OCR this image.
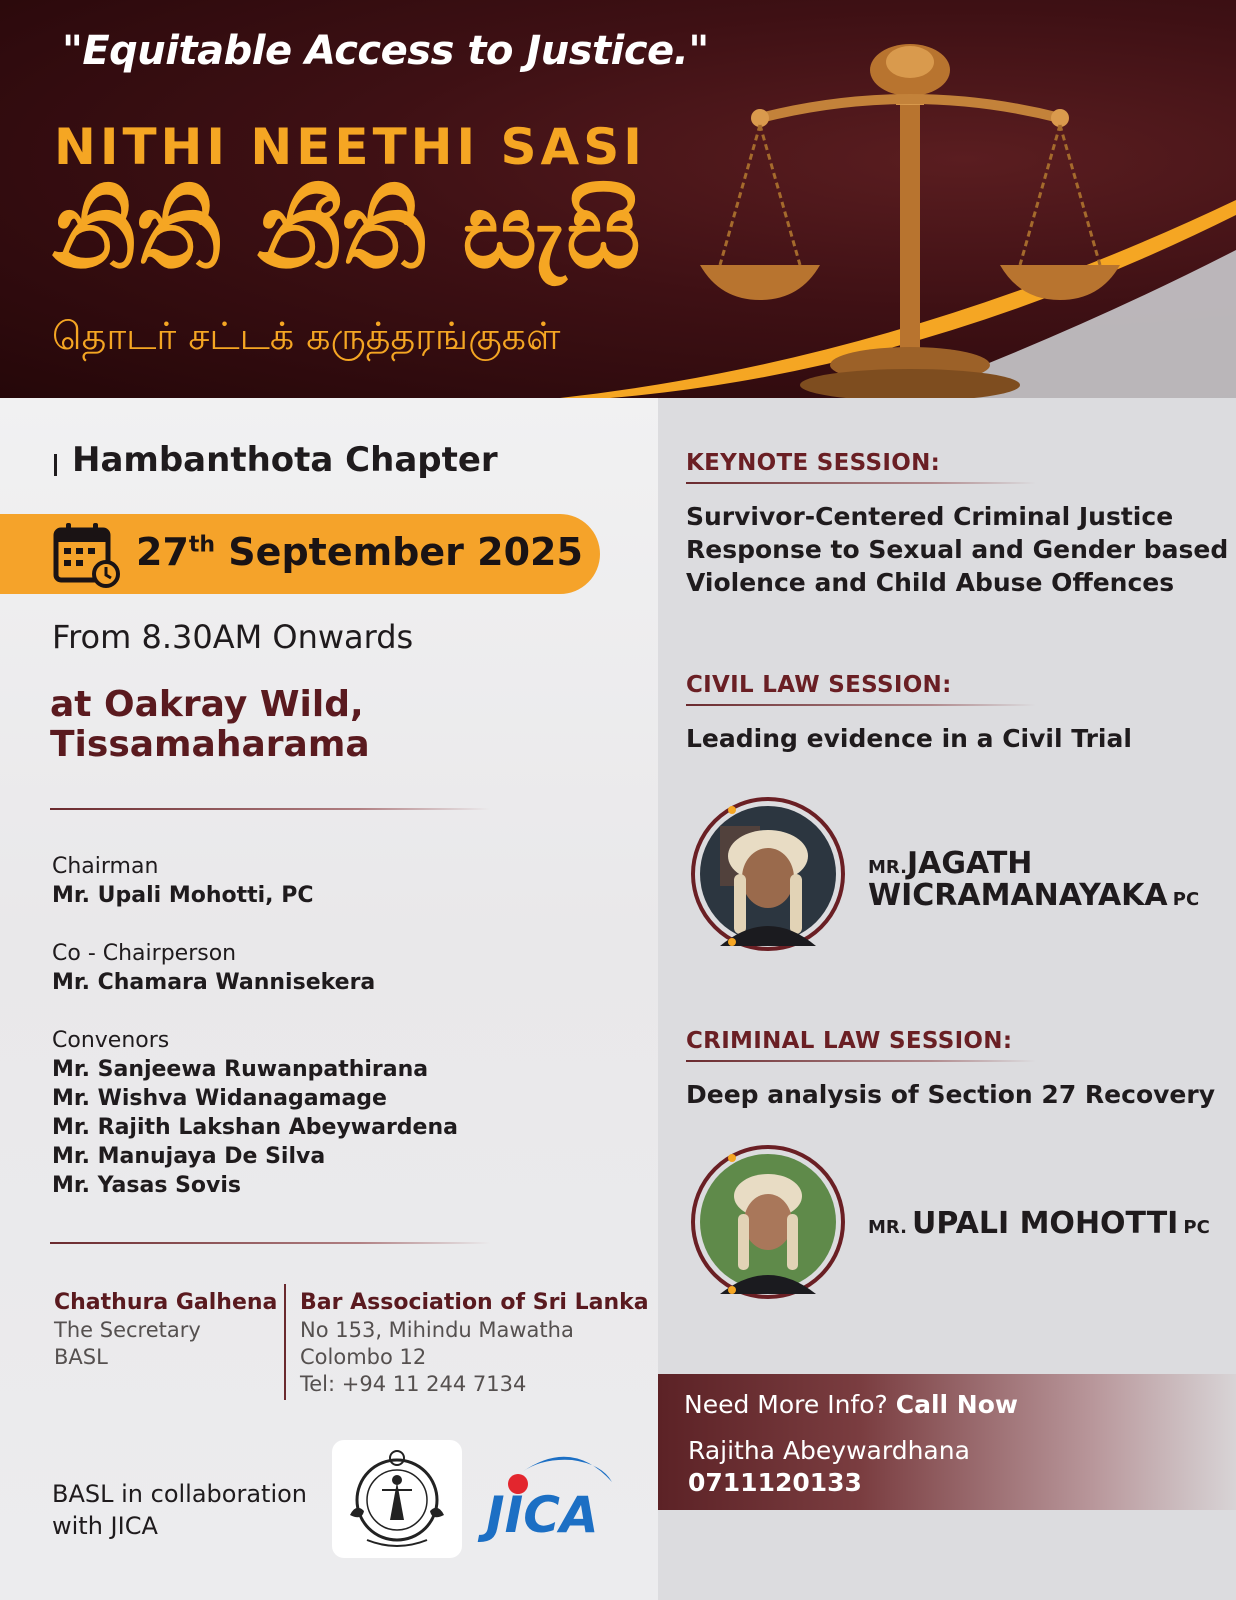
"Equitable Access to Justice."
NITHI NEETHI SASI
නිති නීති සැසි
தொடர் சட்டக் கருத்தரங்குகள்
Hambanthota Chapter
27th September 2025
From 8.30AM Onwards
at Oakray Wild,
Tissamaharama
Chairman
Mr. Upali Mohotti, PC
Co - Chairperson
Mr. Chamara Wannisekera
Convenors
Mr. Sanjeewa Ruwanpathirana
Mr. Wishva Widanagamage
Mr. Rajith Lakshan Abeywardena
Mr. Manujaya De Silva
Mr. Yasas Sovis
Chathura Galhena
The Secretary
BASL
Bar Association of Sri Lanka
No 153, Mihindu Mawatha
Colombo 12
Tel: +94 11 244 7134
BASL in collaboration
with JICA	JICA
KEYNOTE SESSION:
Survivor-Centered Criminal Justice
Response to Sexual and Gender based
Violence and Child Abuse Offences
CIVIL LAW SESSION:
Leading evidence in a Civil Trial
MR.JAGATH
WICRAMANAYAKA PC
CRIMINAL LAW SESSION:
Deep analysis of Section 27 Recovery
MR. UPALI MOHOTTI PC
Need More Info? Call Now
Rajitha Abeywardhana
0711120133
